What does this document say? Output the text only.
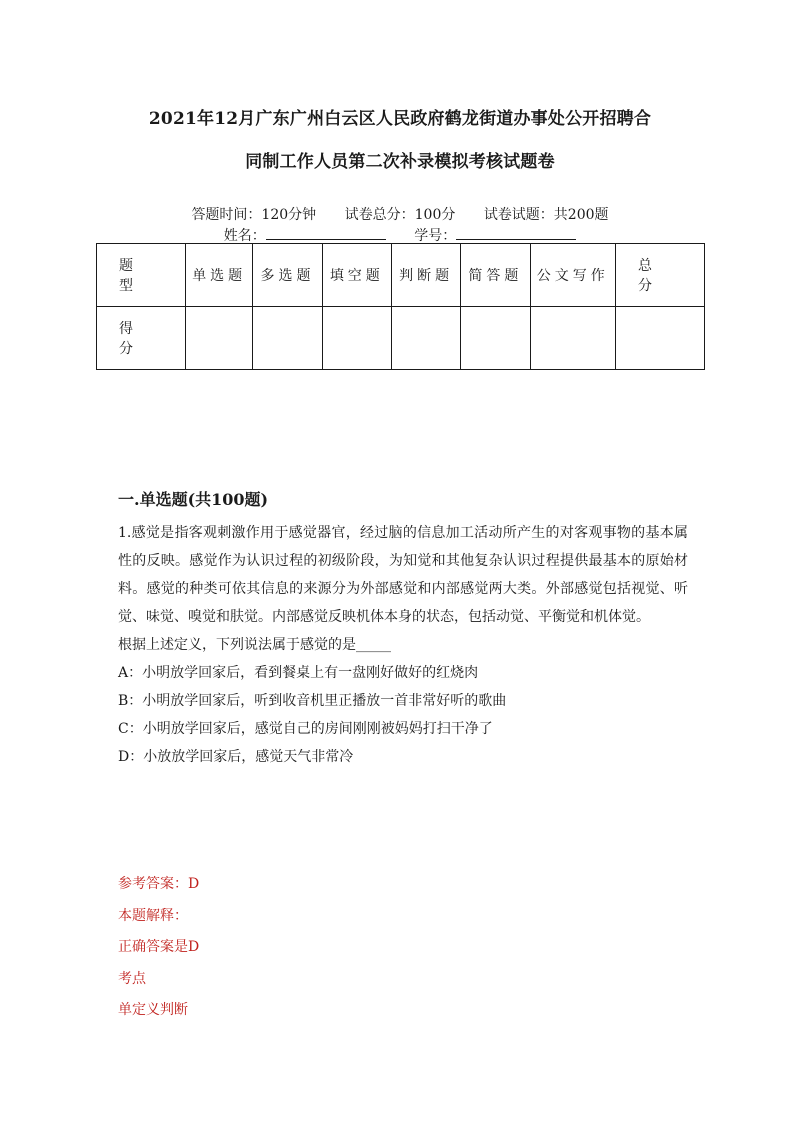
2021年12月广东广州白云区人民政府鹤龙街道办事处公开招聘合
同制工作人员第二次补录模拟考核试题卷
答题时间：120分钟 试卷总分：100分 试卷试题：共200题
姓名：	学号：
题　型	单选题	多选题	填空题	判断题	简答题	公文写作	总　分
得　分							
一.单选题(共100题)

1.感觉是指客观刺激作用于感觉器官，经过脑的信息加工活动所产生的对客观事物的基本属性的反映。感觉作为认识过程的初级阶段，为知觉和其他复杂认识过程提供最基本的原始材料。感觉的种类可依其信息的来源分为外部感觉和内部感觉两大类。外部感觉包括视觉、听觉、味觉、嗅觉和肤觉。内部感觉反映机体本身的状态，包括动觉、平衡觉和机体觉。

根据上述定义，下列说法属于感觉的是_____

A：小明放学回家后，看到餐桌上有一盘刚好做好的红烧肉

B：小明放学回家后，听到收音机里正播放一首非常好听的歌曲

C：小明放学回家后，感觉自己的房间刚刚被妈妈打扫干净了

D：小放放学回家后，感觉天气非常冷

参考答案：D
本题解释：
正确答案是D
考点
单定义判断
